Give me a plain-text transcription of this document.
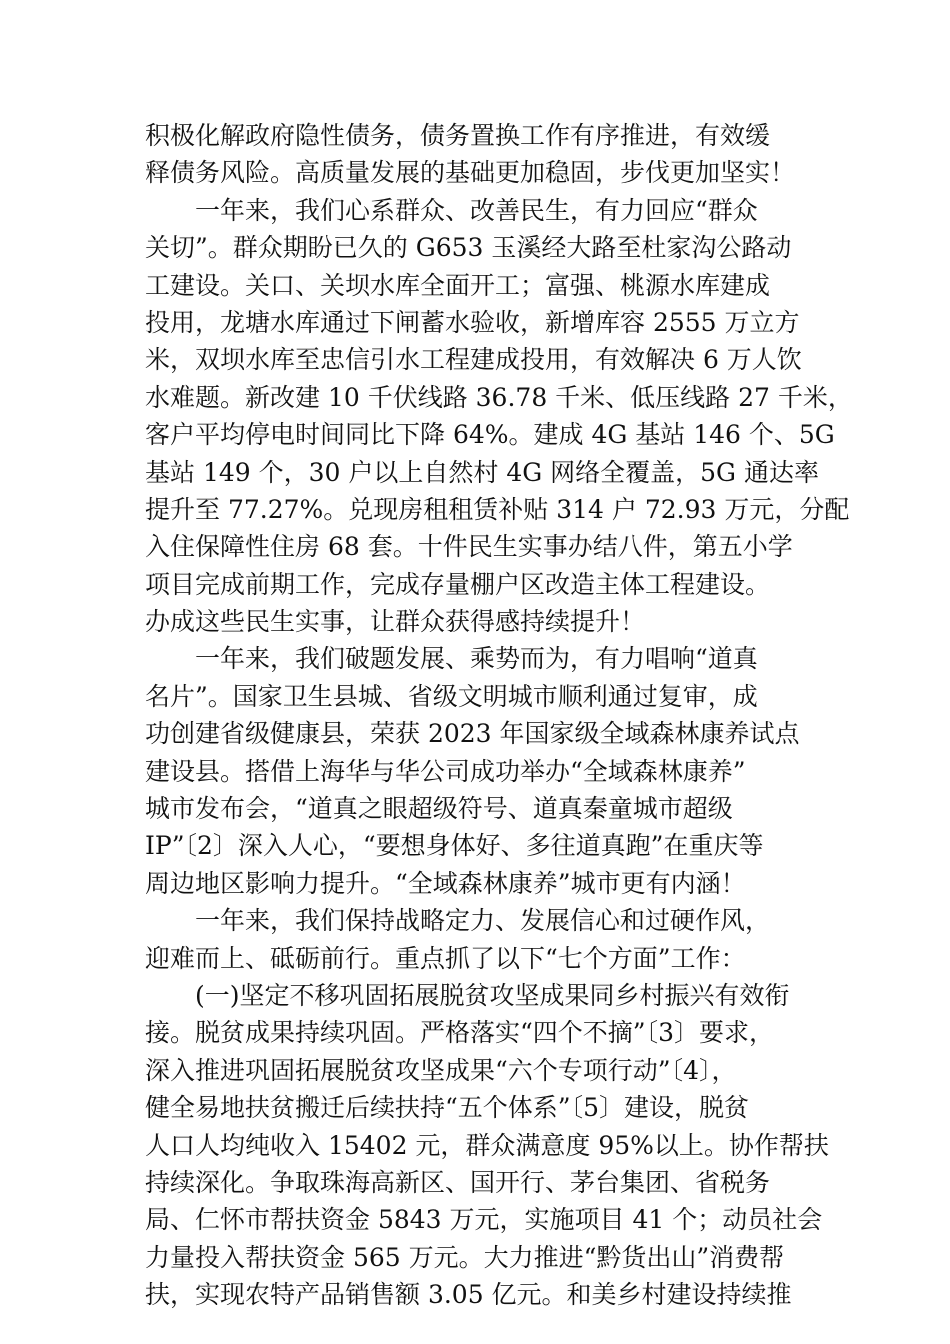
积极化解政府隐性债务，债务置换工作有序推进，有效缓
释债务风险。高质量发展的基础更加稳固，步伐更加坚实！
一年来，我们心系群众、改善民生，有力回应“群众
关切”。群众期盼已久的 G653 玉溪经大路至杜家沟公路动
工建设。关口、关坝水库全面开工；富强、桃源水库建成
投用，龙塘水库通过下闸蓄水验收，新增库容 2555 万立方
米，双坝水库至忠信引水工程建成投用，有效解决 6 万人饮
水难题。新改建 10 千伏线路 36.78 千米、低压线路 27 千米，
客户平均停电时间同比下降 64%。建成 4G 基站 146 个、5G
基站 149 个，30 户以上自然村 4G 网络全覆盖，5G 通达率
提升至 77.27%。兑现房租租赁补贴 314 户 72.93 万元，分配
入住保障性住房 68 套。十件民生实事办结八件，第五小学
项目完成前期工作，完成存量棚户区改造主体工程建设。
办成这些民生实事，让群众获得感持续提升！
一年来，我们破题发展、乘势而为，有力唱响“道真
名片”。国家卫生县城、省级文明城市顺利通过复审，成
功创建省级健康县，荣获 2023 年国家级全域森林康养试点
建设县。搭借上海华与华公司成功举办“全域森林康养”
城市发布会，“道真之眼超级符号、道真秦童城市超级
IP”〔2〕深入人心，“要想身体好、多往道真跑”在重庆等
周边地区影响力提升。“全域森林康养”城市更有内涵！
一年来，我们保持战略定力、发展信心和过硬作风，
迎难而上、砥砺前行。重点抓了以下“七个方面”工作：
(一)坚定不移巩固拓展脱贫攻坚成果同乡村振兴有效衔
接。脱贫成果持续巩固。严格落实“四个不摘”〔3〕要求，
深入推进巩固拓展脱贫攻坚成果“六个专项行动”〔4〕，
健全易地扶贫搬迁后续扶持“五个体系”〔5〕建设，脱贫
人口人均纯收入 15402 元，群众满意度 95%以上。协作帮扶
持续深化。争取珠海高新区、国开行、茅台集团、省税务
局、仁怀市帮扶资金 5843 万元，实施项目 41 个；动员社会
力量投入帮扶资金 565 万元。大力推进“黔货出山”消费帮
扶，实现农特产品销售额 3.05 亿元。和美乡村建设持续推
